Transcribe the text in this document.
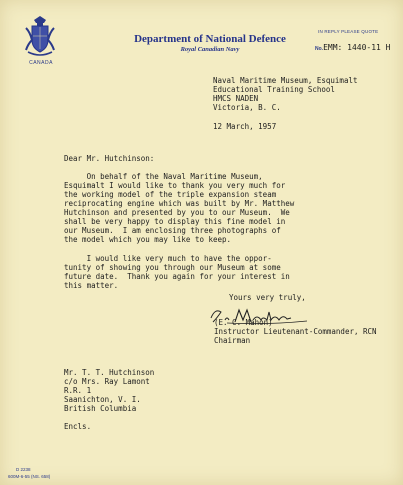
CANADA
Department of National Defence
Royal Canadian Navy
IN REPLY PLEASE QUOTE
No.EMM: 1440-11 H
Naval Maritime Museum, Esquimalt
Educational Training School
HMCS NADEN
Victoria, B. C.
12 March, 1957
Dear Mr. Hutchinson:
On behalf of the Naval Maritime Museum,
Esquimalt I would like to thank you very much for
the working model of the triple expansion steam
reciprocating engine which was built by Mr. Matthew
Hutchinson and presented by you to our Museum.  We
shall be very happy to display this fine model in
our Museum.  I am enclosing three photographs of
the model which you may like to keep.
I would like very much to have the oppor-
tunity of showing you through our Museum at some
future date.  Thank you again for your interest in
this matter.
Yours very truly,
(E. C. Mahon)
Instructor Lieutenant-Commander, RCN
Chairman
Mr. T. T. Hutchinson
c/o Mrs. Ray Lamont
R.R. 1
Saanichton, V. I.
British Columbia
Encls.
D 2238
600M-6-55 (NS. 658)
